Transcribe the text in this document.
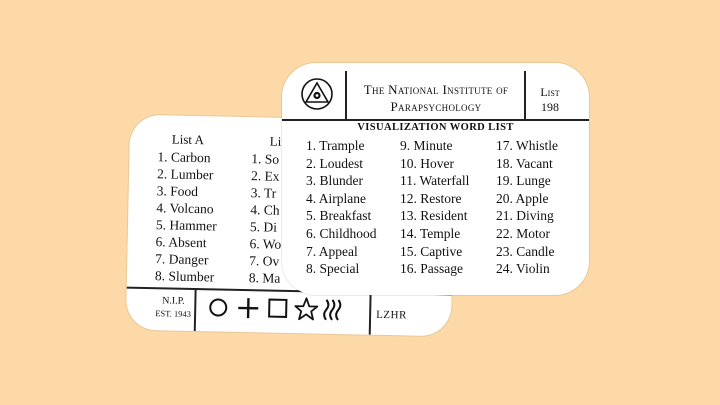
List A	Li
1. Carbon
2. Lumber
3. Food
4. Volcano
5. Hammer
6. Absent
7. Danger
8. Slumber
1. So
2. Ex
3. Tr
4. Ch
5. Di
6. Wo
7. Ov
8. Ma
N.I.P.
EST. 1943	LZHR
The National Institute of
Parapsychology
List
198
VISUALIZATION WORD LIST
1. Trample
2. Loudest
3. Blunder
4. Airplane
5. Breakfast
6. Childhood
7. Appeal
8. Special
9. Minute
10. Hover
11. Waterfall
12. Restore
13. Resident
14. Temple
15. Captive
16. Passage
17. Whistle
18. Vacant
19. Lunge
20. Apple
21. Diving
22. Motor
23. Candle
24. Violin
